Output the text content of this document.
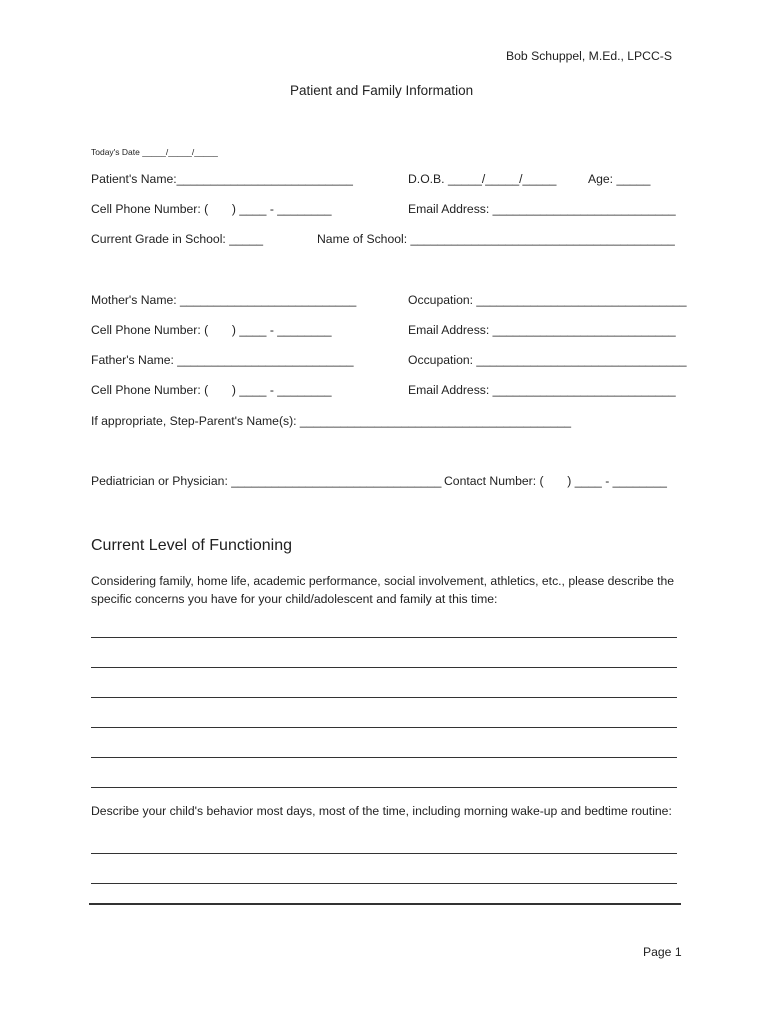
Bob Schuppel, M.Ed., LPCC-S
Patient and Family Information
Today's Date _____/_____/_____
Patient's Name:__________________________	D.O.B. _____/_____/_____	Age: _____
Cell Phone Number: (       ) ____ - ________	Email Address: ___________________________
Current Grade in School: _____	Name of School: _______________________________________
Mother's Name: __________________________	Occupation: _______________________________
Cell Phone Number: (       ) ____ - ________	Email Address: ___________________________
Father's Name: __________________________	Occupation: _______________________________
Cell Phone Number: (       ) ____ - ________	Email Address: ___________________________
If appropriate, Step-Parent's Name(s): ________________________________________
Pediatrician or Physician: _______________________________ Contact Number: (       ) ____ - ________
Current Level of Functioning
Considering family, home life, academic performance, social involvement, athletics, etc., please describe the specific concerns you have for your child/adolescent and family at this time:
Describe your child's behavior most days, most of the time, including morning wake-up and bedtime routine:
Page 1
